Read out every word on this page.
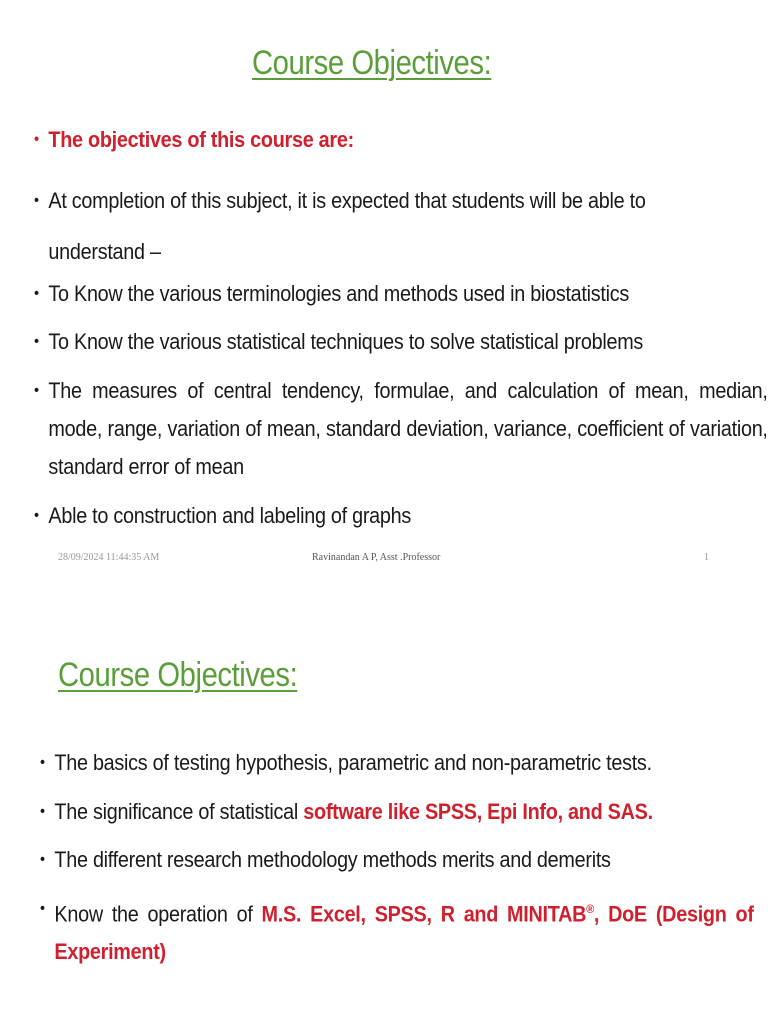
Course Objectives:
• The objectives of this course are:
• At completion of this subject, it is expected that students will be able to
understand –
• To Know the various terminologies and methods used in biostatistics
• To Know the various statistical techniques to solve statistical problems
• The measures of central tendency, formulae, and calculation of mean, median, mode, range, variation of mean, standard deviation, variance, coefficient of variation, standard error of mean
• Able to construction and labeling of graphs
28/09/2024 11:44:35 AM	Ravinandan A P, Asst .Professor	1
Course Objectives:
• The basics of testing hypothesis, parametric and non-parametric tests.
• The significance of statistical software like SPSS, Epi Info, and SAS.
• The different research methodology methods merits and demerits
• Know the operation of M.S. Excel, SPSS, R and MINITAB®, DoE (Design of Experiment)
